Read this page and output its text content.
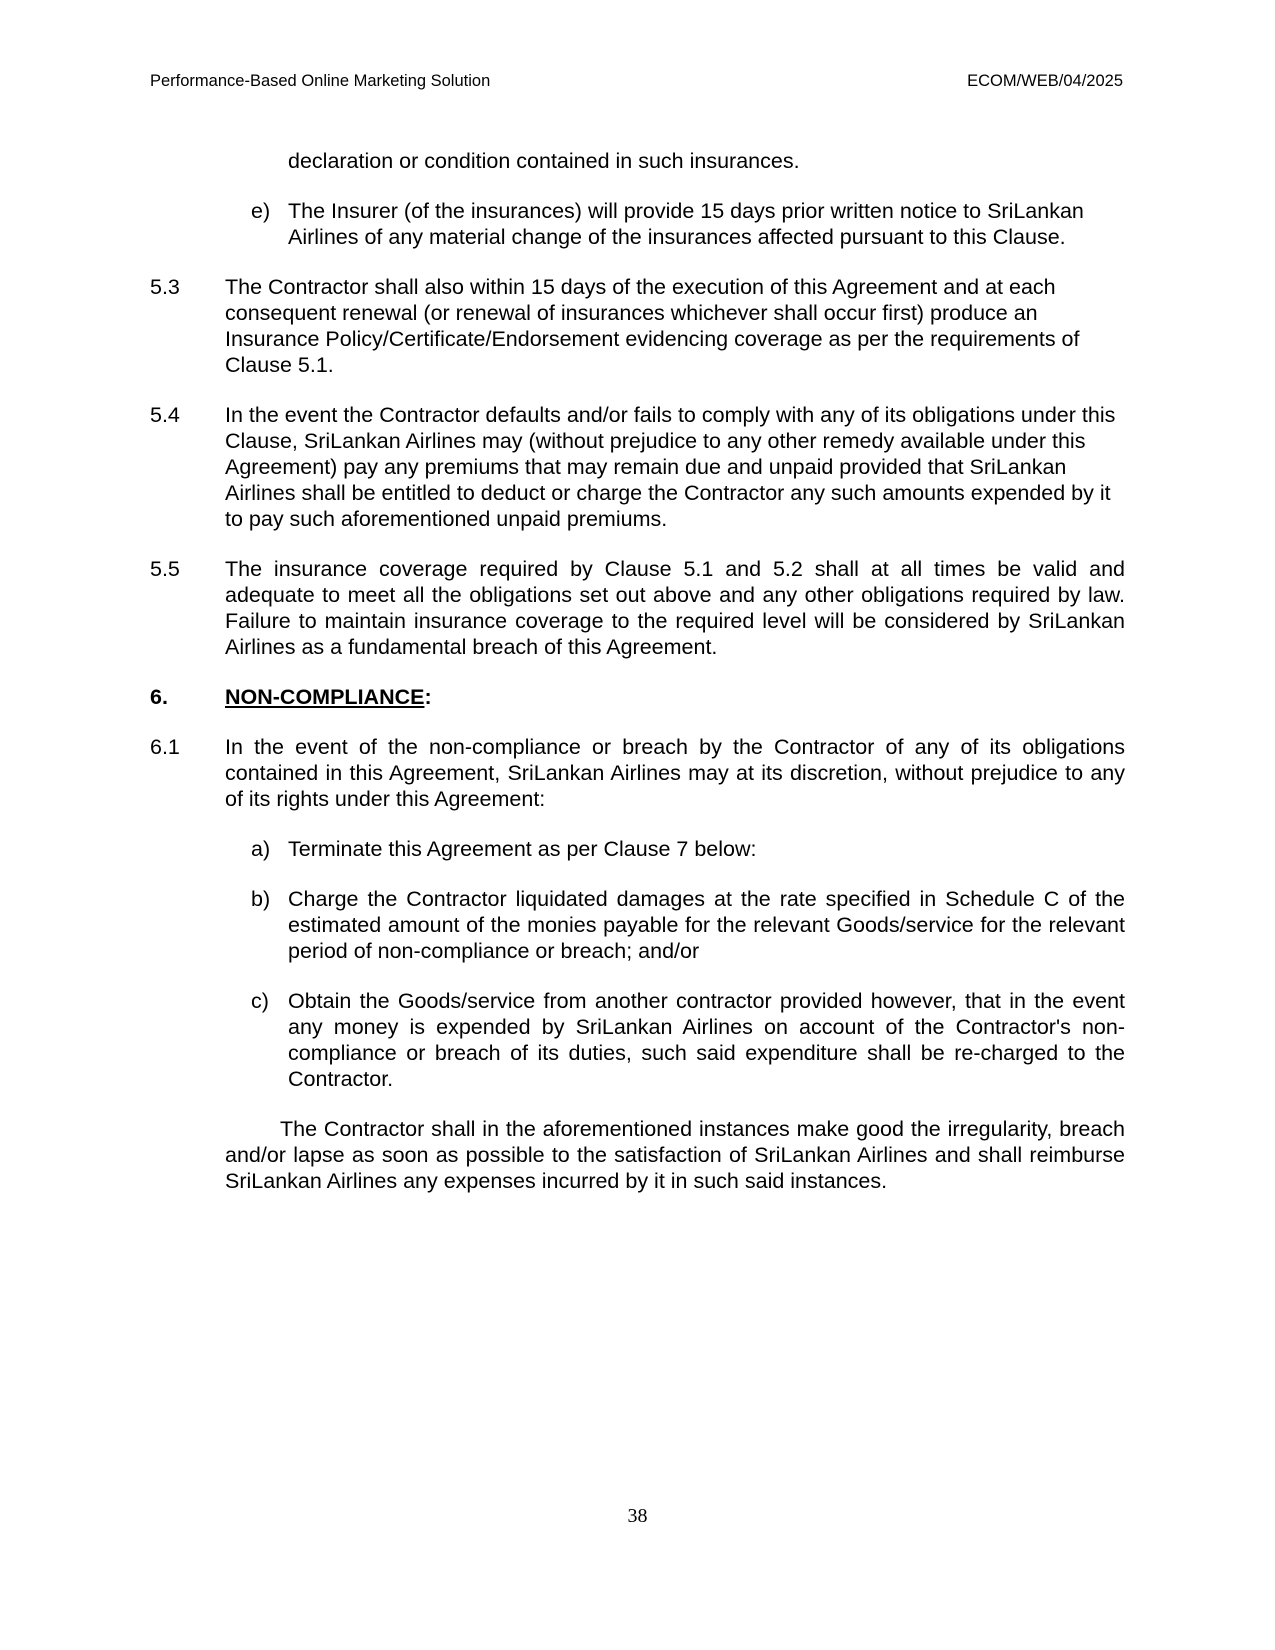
Performance-Based Online Marketing Solution	ECOM/WEB/04/2025
declaration or condition contained in such insurances.
e) The Insurer (of the insurances) will provide 15 days prior written notice to SriLankan Airlines of any material change of the insurances affected pursuant to this Clause.
5.3	The Contractor shall also within 15 days of the execution of this Agreement and at each consequent renewal (or renewal of insurances whichever shall occur first) produce an Insurance Policy/Certificate/Endorsement evidencing coverage as per the requirements of Clause 5.1.
5.4	In the event the Contractor defaults and/or fails to comply with any of its obligations under this Clause, SriLankan Airlines may (without prejudice to any other remedy available under this Agreement) pay any premiums that may remain due and unpaid provided that SriLankan Airlines shall be entitled to deduct or charge the Contractor any such amounts expended by it to pay such aforementioned unpaid premiums.
5.5	The insurance coverage required by Clause 5.1 and 5.2 shall at all times be valid and adequate to meet all the obligations set out above and any other obligations required by law. Failure to maintain insurance coverage to the required level will be considered by SriLankan Airlines as a fundamental breach of this Agreement.
6.	NON-COMPLIANCE:
6.1	In the event of the non-compliance or breach by the Contractor of any of its obligations contained in this Agreement, SriLankan Airlines may at its discretion, without prejudice to any of its rights under this Agreement:
a) Terminate this Agreement as per Clause 7 below:
b) Charge the Contractor liquidated damages at the rate specified in Schedule C of the estimated amount of the monies payable for the relevant Goods/service for the relevant period of non-compliance or breach; and/or
c) Obtain the Goods/service from another contractor provided however, that in the event any money is expended by SriLankan Airlines on account of the Contractor's non-compliance or breach of its duties, such said expenditure shall be re-charged to the Contractor.
The Contractor shall in the aforementioned instances make good the irregularity, breach and/or lapse as soon as possible to the satisfaction of SriLankan Airlines and shall reimburse SriLankan Airlines any expenses incurred by it in such said instances.
38
